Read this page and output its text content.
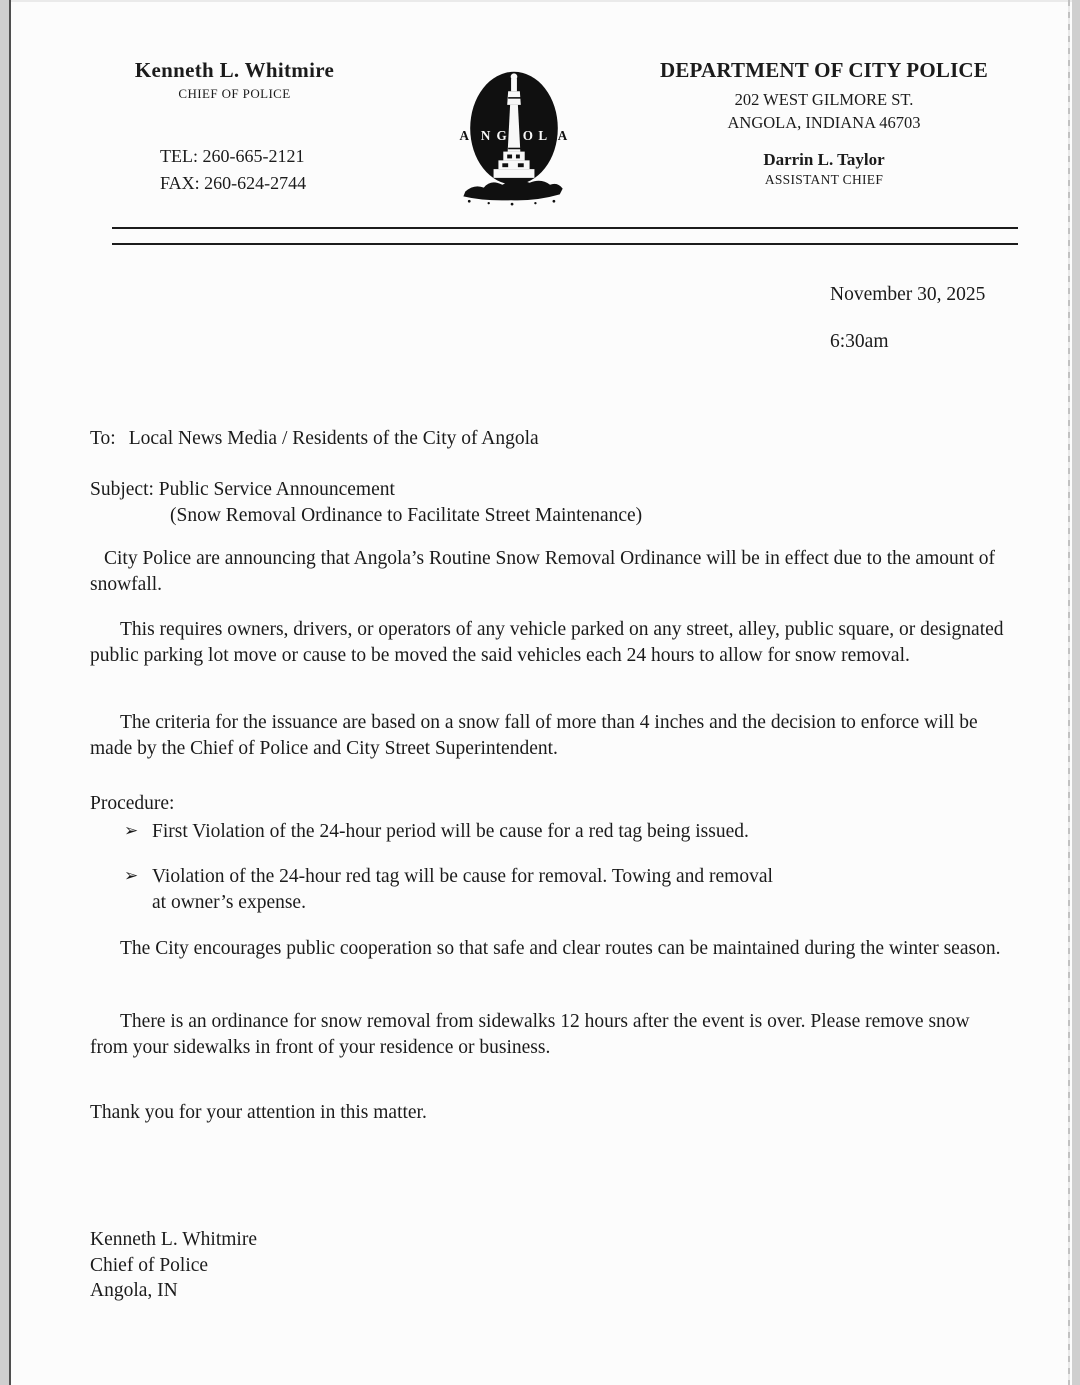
Kenneth L. Whitmire
CHIEF OF POLICE
TEL: 260-665-2121
FAX: 260-624-2744
A N G O L A
DEPARTMENT OF CITY POLICE
202 WEST GILMORE ST.
ANGOLA, INDIANA 46703
Darrin L. Taylor
ASSISTANT CHIEF
November 30, 2025
6:30am
To: Local News Media / Residents of the City of Angola
Subject: Public Service Announcement
(Snow Removal Ordinance to Facilitate Street Maintenance)
City Police are announcing that Angola’s Routine Snow Removal Ordinance will be in effect due to the amount of snowfall.
This requires owners, drivers, or operators of any vehicle parked on any street, alley, public square, or designated public parking lot move or cause to be moved the said vehicles each 24 hours to allow for snow removal.
The criteria for the issuance are based on a snow fall of more than 4 inches and the decision to enforce will be made by the Chief of Police and City Street Superintendent.
Procedure:
➢ First Violation of the 24-hour period will be cause for a red tag being issued.
➢ Violation of the 24-hour red tag will be cause for removal. Towing and removal
at owner’s expense.
The City encourages public cooperation so that safe and clear routes can be maintained during the winter season.
There is an ordinance for snow removal from sidewalks 12 hours after the event is over. Please remove snow from your sidewalks in front of your residence or business.
Thank you for your attention in this matter.
Kenneth L. Whitmire
Chief of Police
Angola, IN
